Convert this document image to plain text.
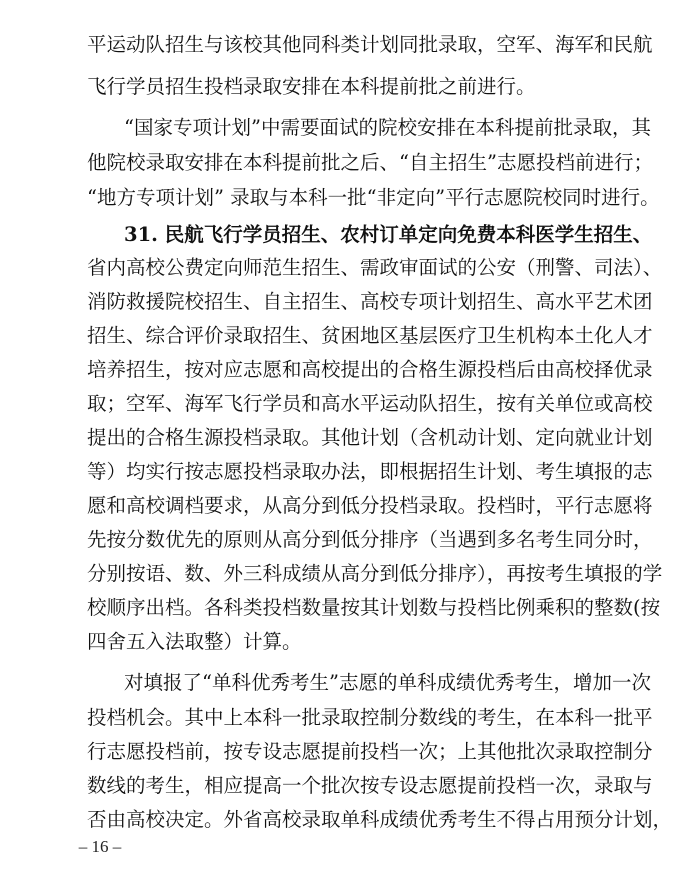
平运动队招生与该校其他同科类计划同批录取，空军、海军和民航
飞行学员招生投档录取安排在本科提前批之前进行。
“国家专项计划”中需要面试的院校安排在本科提前批录取，其
他院校录取安排在本科提前批之后、“自主招生”志愿投档前进行；
“地方专项计划” 录取与本科一批“非定向”平行志愿院校同时进行。
31. 民航飞行学员招生、农村订单定向免费本科医学生招生、
省内高校公费定向师范生招生、需政审面试的公安（刑警、司法）、
消防救援院校招生、自主招生、高校专项计划招生、高水平艺术团
招生、综合评价录取招生、贫困地区基层医疗卫生机构本土化人才
培养招生，按对应志愿和高校提出的合格生源投档后由高校择优录
取；空军、海军飞行学员和高水平运动队招生，按有关单位或高校
提出的合格生源投档录取。其他计划（含机动计划、定向就业计划
等）均实行按志愿投档录取办法，即根据招生计划、考生填报的志
愿和高校调档要求，从高分到低分投档录取。投档时，平行志愿将
先按分数优先的原则从高分到低分排序（当遇到多名考生同分时，
分别按语、数、外三科成绩从高分到低分排序），再按考生填报的学
校顺序出档。各科类投档数量按其计划数与投档比例乘积的整数(按
四舍五入法取整）计算。
对填报了“单科优秀考生”志愿的单科成绩优秀考生，增加一次
投档机会。其中上本科一批录取控制分数线的考生，在本科一批平
行志愿投档前，按专设志愿提前投档一次；上其他批次录取控制分
数线的考生，相应提高一个批次按专设志愿提前投档一次，录取与
否由高校决定。外省高校录取单科成绩优秀考生不得占用预分计划，
– 16 –
